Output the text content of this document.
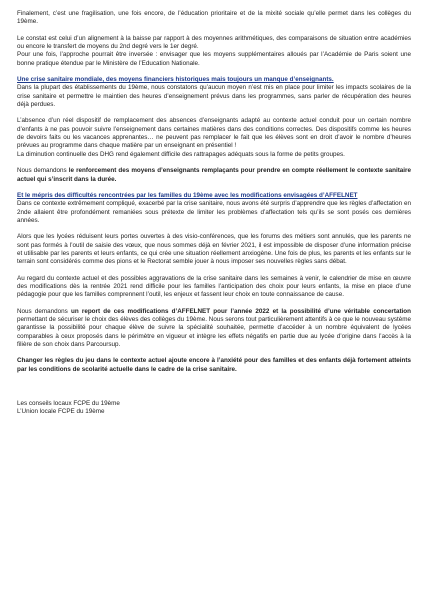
Finalement, c’est une fragilisation, une fois encore, de l’éducation prioritaire et de la mixité sociale qu’elle permet dans les collèges du 19ème.

Le constat est celui d’un alignement à la baisse par rapport à des moyennes arithmétiques, des comparaisons de situation entre académies ou encore le transfert de moyens du 2nd degré vers le 1er degré.

Pour une fois, l’approche pourrait être inversée : envisager que les moyens supplémentaires alloués par l’Académie de Paris soient une bonne pratique étendue par le Ministère de l’Education Nationale.

Une crise sanitaire mondiale, des moyens financiers historiques mais toujours un manque d’enseignants.

Dans la plupart des établissements du 19ème, nous constatons qu’aucun moyen n’est mis en place pour limiter les impacts scolaires de la crise sanitaire et permettre le maintien des heures d’enseignement prévus dans les programmes, sans parler de récupération des heures déjà perdues.

L’absence d’un réel dispositif de remplacement des absences d’enseignants adapté au contexte actuel conduit pour un certain nombre d’enfants à ne pas pouvoir suivre l’enseignement dans certaines matières dans des conditions correctes. Des dispositifs comme les heures de devoirs faits ou les vacances apprenantes… ne peuvent pas remplacer le fait que les élèves sont en droit d’avoir le nombre d’heures prévues au programme dans chaque matière par un enseignant en présentiel !

La diminution continuelle des DHG rend également difficile des rattrapages adéquats sous la forme de petits groupes.

Nous demandons le renforcement des moyens d’enseignants remplaçants pour prendre en compte réellement le contexte sanitaire actuel qui s’inscrit dans la durée.

Et le mépris des difficultés rencontrées par les familles du 19ème avec les modifications envisagées d’AFFELNET

Dans ce contexte extrêmement compliqué, exacerbé par la crise sanitaire, nous avons été surpris d’apprendre que les règles d’affectation en 2nde allaient être profondément remaniées sous prétexte de limiter les problèmes d’affectation tels qu’ils se sont posés ces dernières années.

Alors que les lycées réduisent leurs portes ouvertes à des visio-conférences, que les forums des métiers sont annulés, que les parents ne sont pas formés à l’outil de saisie des vœux, que nous sommes déjà en février 2021, il est impossible de disposer d’une information précise et utilisable par les parents et leurs enfants, ce qui crée une situation réellement anxiogène. Une fois de plus, les parents et les enfants sur le terrain sont considérés comme des pions et le Rectorat semble jouer à nous imposer ses nouvelles règles sans débat.

Au regard du contexte actuel et des possibles aggravations de la crise sanitaire dans les semaines à venir, le calendrier de mise en œuvre des modifications dès la rentrée 2021 rend difficile pour les familles l’anticipation des choix pour leurs enfants, la mise en place d’une pédagogie pour que les familles comprennent l’outil, les enjeux et fassent leur choix en toute connaissance de cause.

Nous demandons un report de ces modifications d’AFFELNET pour l’année 2022 et la possibilité d’une véritable concertation permettant de sécuriser le choix des élèves des collèges du 19ème. Nous serons tout particulièrement attentifs à ce que le nouveau système garantisse la possibilité pour chaque élève de suivre la spécialité souhaitée, permette d’accéder à un nombre équivalent de lycées comparables à ceux proposés dans le périmètre en vigueur et intègre les effets négatifs en partie due au lycée d’origine dans l’accès à la filière de son choix dans Parcoursup.

Changer les règles du jeu dans le contexte actuel ajoute encore à l’anxiété pour des familles et des enfants déjà fortement atteints par les conditions de scolarité actuelle dans le cadre de la crise sanitaire.

Les conseils locaux FCPE du 19ème

L’Union locale FCPE du 19ème
